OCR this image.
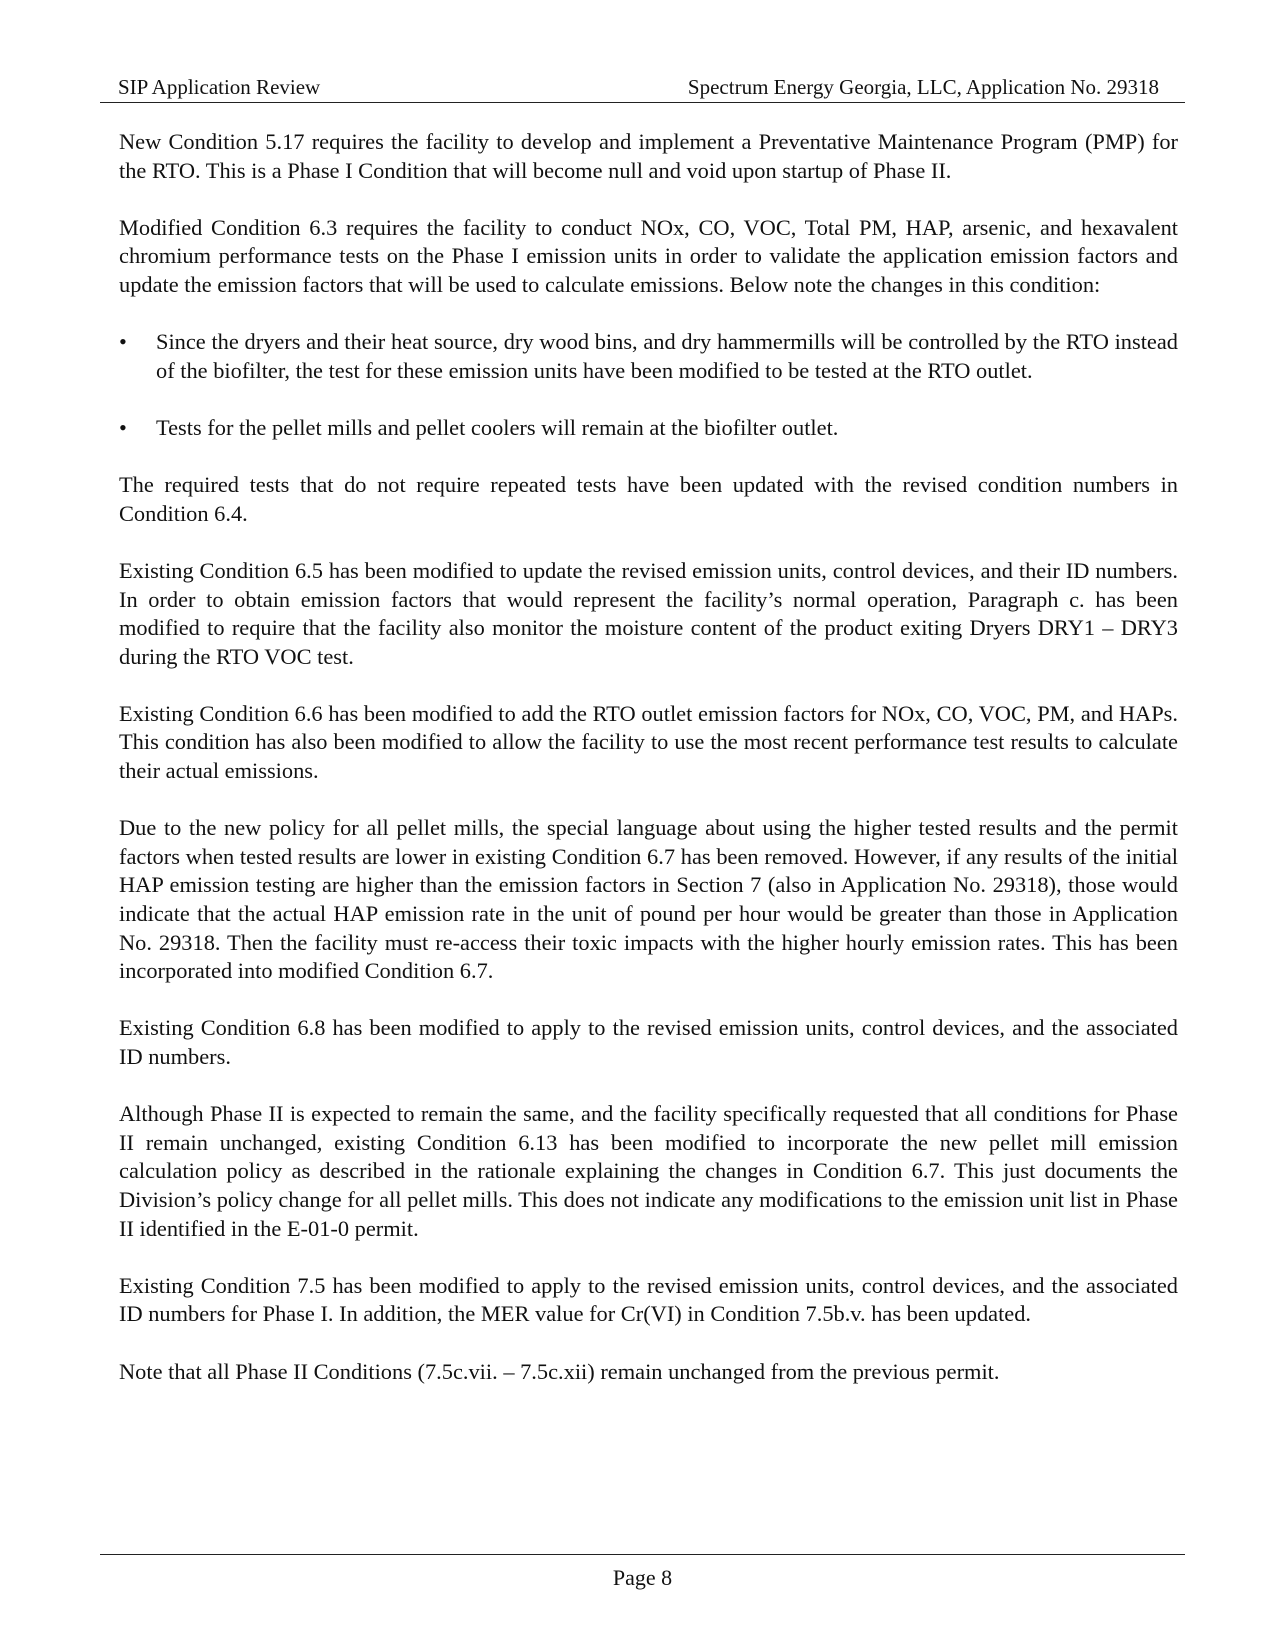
SIP Application Review	Spectrum Energy Georgia, LLC, Application No. 29318

New Condition 5.17 requires the facility to develop and implement a Preventative Maintenance Program (PMP) for the RTO. This is a Phase I Condition that will become null and void upon startup of Phase II.

Modified Condition 6.3 requires the facility to conduct NOx, CO, VOC, Total PM, HAP, arsenic, and hexavalent chromium performance tests on the Phase I emission units in order to validate the application emission factors and update the emission factors that will be used to calculate emissions. Below note the changes in this condition:

•	Since the dryers and their heat source, dry wood bins, and dry hammermills will be controlled by the RTO instead of the biofilter, the test for these emission units have been modified to be tested at the RTO outlet.
•	Tests for the pellet mills and pellet coolers will remain at the biofilter outlet.

The required tests that do not require repeated tests have been updated with the revised condition numbers in Condition 6.4.

Existing Condition 6.5 has been modified to update the revised emission units, control devices, and their ID numbers. In order to obtain emission factors that would represent the facility’s normal operation, Paragraph c. has been modified to require that the facility also monitor the moisture content of the product exiting Dryers DRY1 – DRY3 during the RTO VOC test.

Existing Condition 6.6 has been modified to add the RTO outlet emission factors for NOx, CO, VOC, PM, and HAPs. This condition has also been modified to allow the facility to use the most recent performance test results to calculate their actual emissions.

Due to the new policy for all pellet mills, the special language about using the higher tested results and the permit factors when tested results are lower in existing Condition 6.7 has been removed. However, if any results of the initial HAP emission testing are higher than the emission factors in Section 7 (also in Application No. 29318), those would indicate that the actual HAP emission rate in the unit of pound per hour would be greater than those in Application No. 29318. Then the facility must re-access their toxic impacts with the higher hourly emission rates. This has been incorporated into modified Condition 6.7.

Existing Condition 6.8 has been modified to apply to the revised emission units, control devices, and the associated ID numbers.

Although Phase II is expected to remain the same, and the facility specifically requested that all conditions for Phase II remain unchanged, existing Condition 6.13 has been modified to incorporate the new pellet mill emission calculation policy as described in the rationale explaining the changes in Condition 6.7. This just documents the Division’s policy change for all pellet mills. This does not indicate any modifications to the emission unit list in Phase II identified in the E-01-0 permit.

Existing Condition 7.5 has been modified to apply to the revised emission units, control devices, and the associated ID numbers for Phase I. In addition, the MER value for Cr(VI) in Condition 7.5b.v. has been updated.

Note that all Phase II Conditions (7.5c.vii. – 7.5c.xii) remain unchanged from the previous permit.

Page 8
